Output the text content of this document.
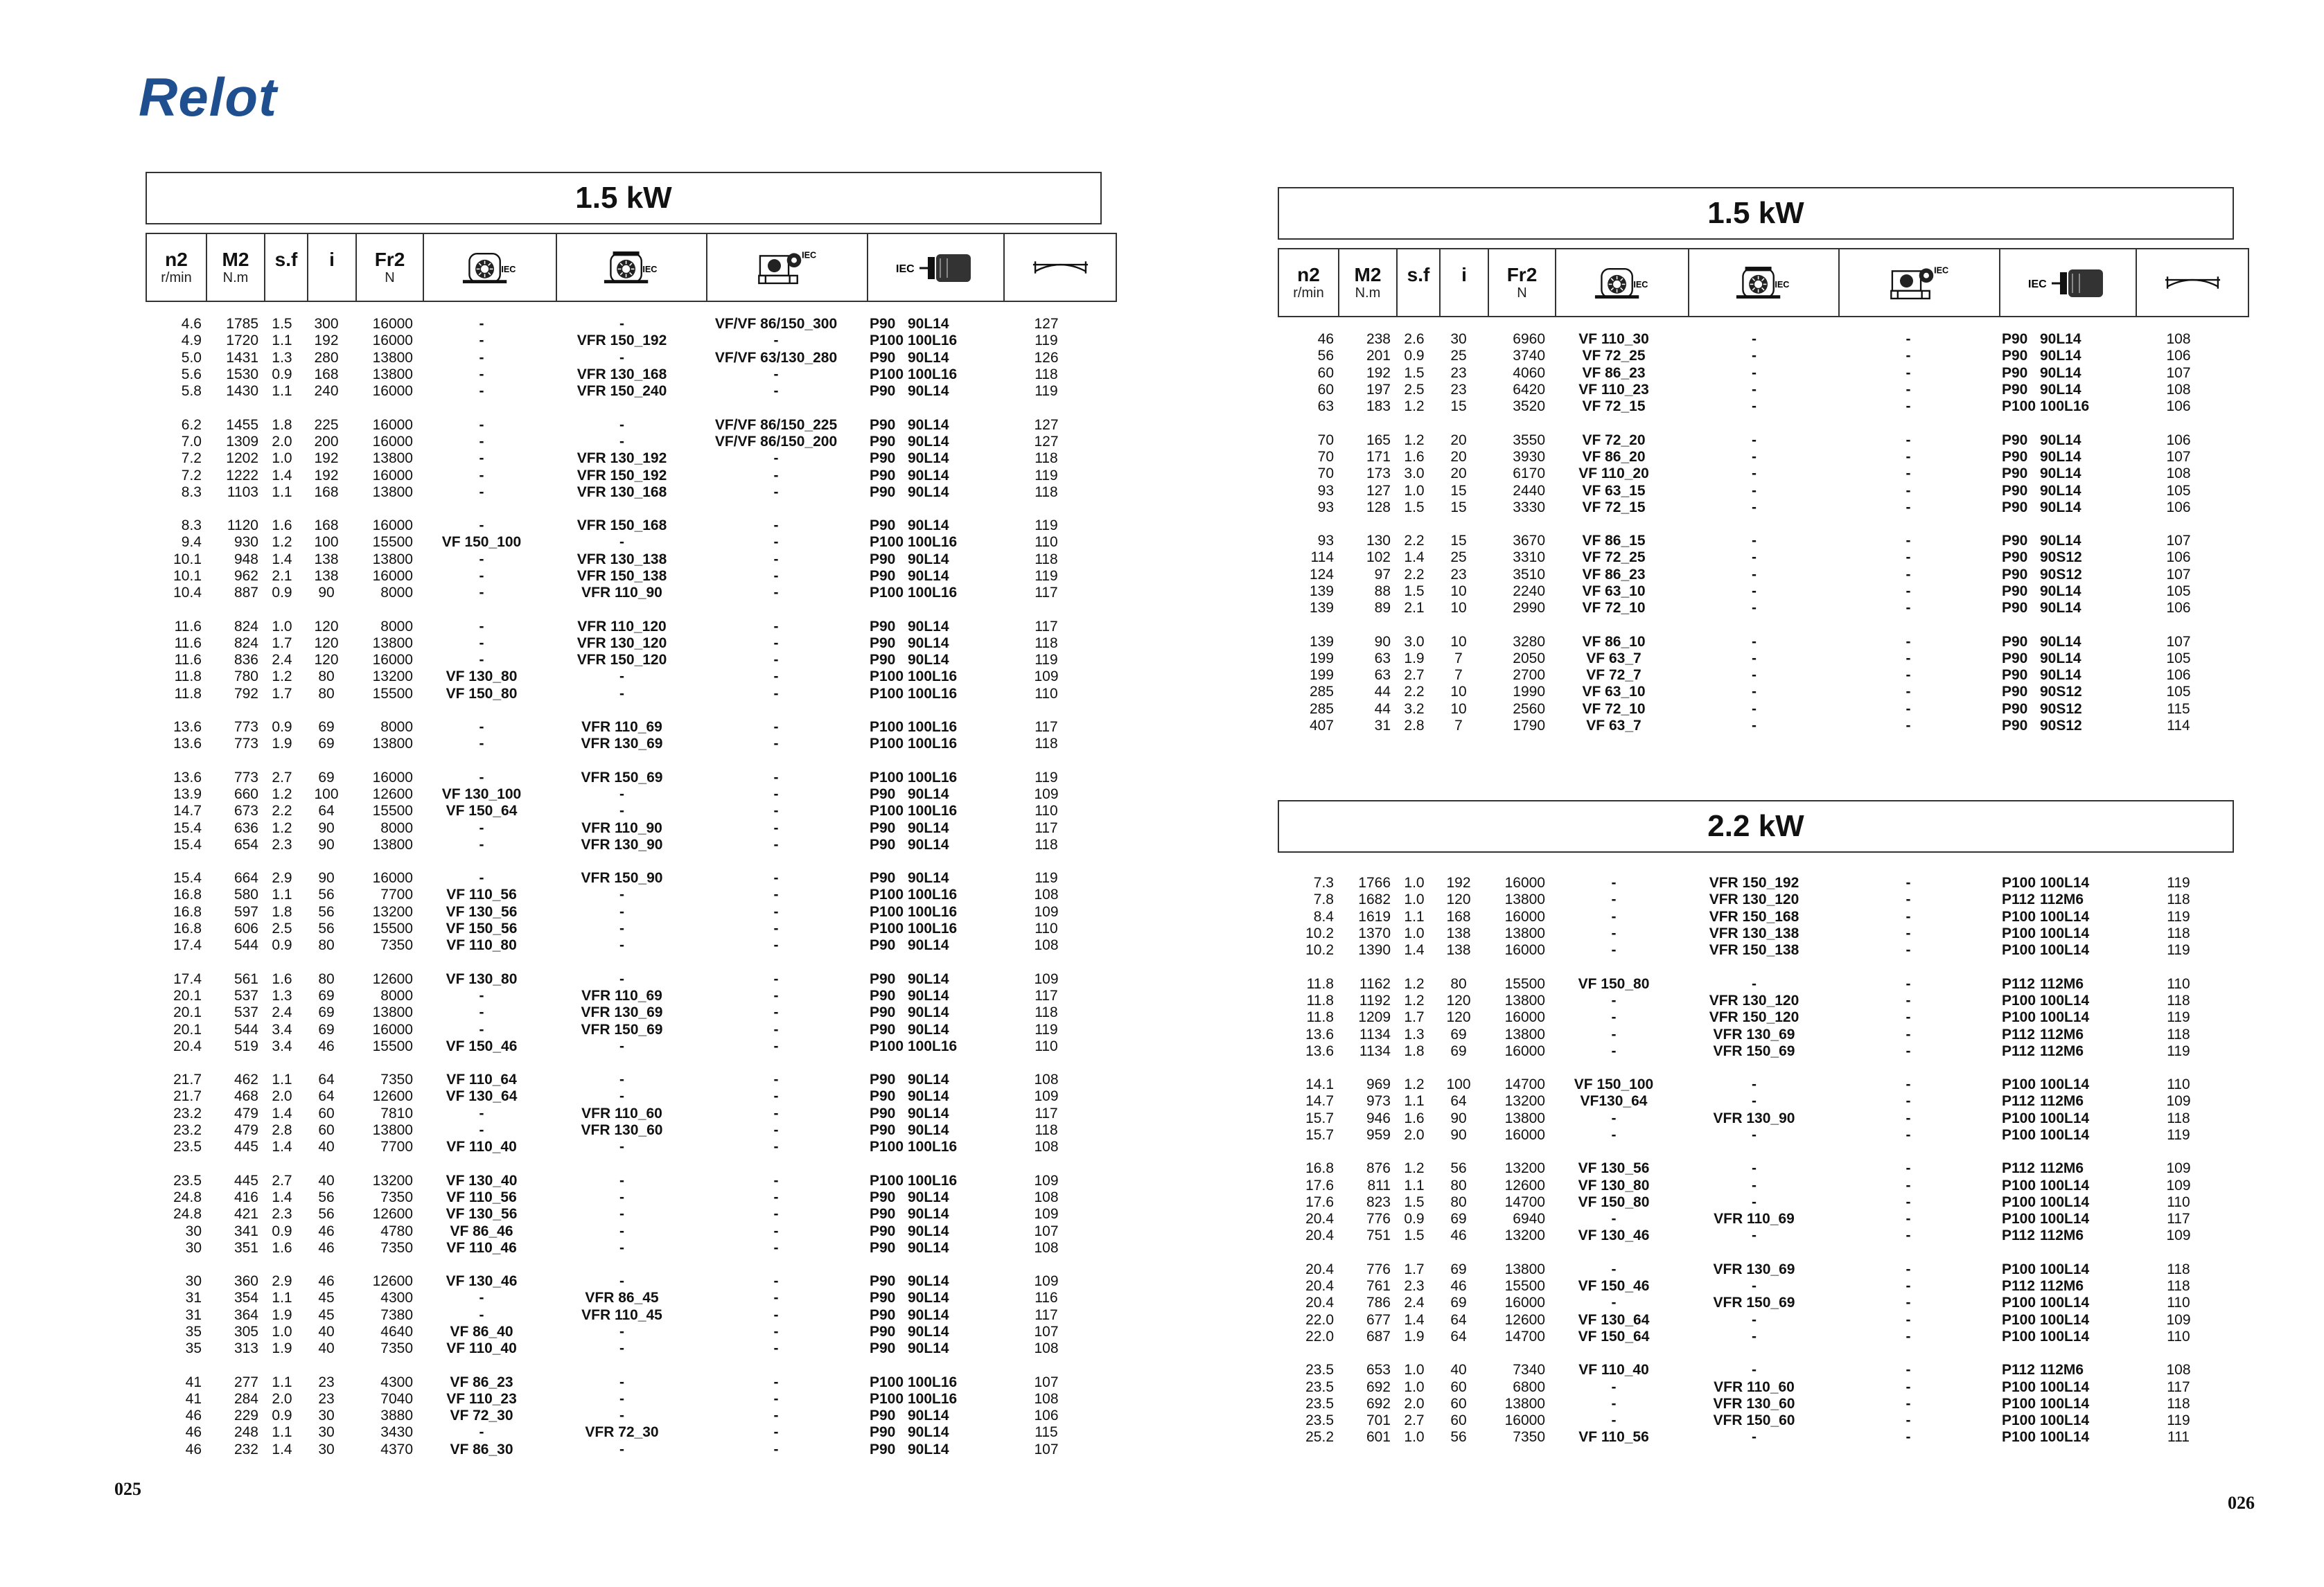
Relot
025
026
1.5 kW
n2
r/min

M2
N.m

s.f	i	Fr2
N

IEC	IEC

IEC

IEC

4.6	1785 1.5	300	16000	-	-	VF/VF 86/150_300	P90 90L14	127
4.9	1720 1.1	192	16000	-	VFR 150_192	-	P100 100L16	119
5.0	1431 1.3	280	13800	-	-	VF/VF 63/130_280	P90 90L14	126
5.6	1530 0.9	168	13800	-	VFR 130_168	-	P100 100L16	118
5.8	1430 1.1	240	16000	-	VFR 150_240	-	P90 90L14	119
6.2	1455 1.8	225	16000	-	-	VF/VF 86/150_225	P90 90L14	127
7.0	1309 2.0	200	16000	-	-	VF/VF 86/150_200	P90 90L14	127
7.2	1202 1.0	192	13800	-	VFR 130_192	-	P90 90L14	118
7.2	1222 1.4	192	16000	-	VFR 150_192	-	P90 90L14	119
8.3	1103 1.1	168	13800	-	VFR 130_168	-	P90 90L14	118
8.3	1120 1.6	168	16000	-	VFR 150_168	-	P90 90L14	119
9.4	930 1.2	100	15500	VF 150_100	-	-	P100 100L16	110
10.1	948 1.4	138	13800	-	VFR 130_138	-	P90 90L14	118
10.1	962 2.1	138	16000	-	VFR 150_138	-	P90 90L14	119
10.4	887 0.9	90	8000	-	VFR 110_90	-	P100 100L16	117
11.6	824 1.0	120	8000	-	VFR 110_120	-	P90 90L14	117
11.6	824 1.7	120	13800	-	VFR 130_120	-	P90 90L14	118
11.6	836 2.4	120	16000	-	VFR 150_120	-	P90 90L14	119
11.8	780 1.2	80	13200	VF 130_80	-	-	P100 100L16	109
11.8	792 1.7	80	15500	VF 150_80	-	-	P100 100L16	110
13.6	773 0.9	69	8000	-	VFR 110_69	-	P100 100L16	117
13.6	773 1.9	69	13800	-	VFR 130_69	-	P100 100L16	118
13.6	773 2.7	69	16000	-	VFR 150_69	-	P100 100L16	119
13.9	660 1.2	100	12600	VF 130_100	-	-	P90 90L14	109
14.7	673 2.2	64	15500	VF 150_64	-	-	P100 100L16	110
15.4	636 1.2	90	8000	-	VFR 110_90	-	P90 90L14	117
15.4	654 2.3	90	13800	-	VFR 130_90	-	P90 90L14	118
15.4	664 2.9	90	16000	-	VFR 150_90	-	P90 90L14	119
16.8	580 1.1	56	7700	VF 110_56	-	-	P100 100L16	108
16.8	597 1.8	56	13200	VF 130_56	-	-	P100 100L16	109
16.8	606 2.5	56	15500	VF 150_56	-	-	P100 100L16	110
17.4	544 0.9	80	7350	VF 110_80	-	-	P90 90L14	108
17.4	561 1.6	80	12600	VF 130_80	-	-	P90 90L14	109
20.1	537 1.3	69	8000	-	VFR 110_69	-	P90 90L14	117
20.1	537 2.4	69	13800	-	VFR 130_69	-	P90 90L14	118
20.1	544 3.4	69	16000	-	VFR 150_69	-	P90 90L14	119
20.4	519 3.4	46	15500	VF 150_46	-	-	P100 100L16	110
21.7	462 1.1	64	7350	VF 110_64	-	-	P90 90L14	108
21.7	468 2.0	64	12600	VF 130_64	-	-	P90 90L14	109
23.2	479 1.4	60	7810	-	VFR 110_60	-	P90 90L14	117
23.2	479 2.8	60	13800	-	VFR 130_60	-	P90 90L14	118
23.5	445 1.4	40	7700	VF 110_40	-	-	P100 100L16	108
23.5	445 2.7	40	13200	VF 130_40	-	-	P100 100L16	109
24.8	416 1.4	56	7350	VF 110_56	-	-	P90 90L14	108
24.8	421 2.3	56	12600	VF 130_56	-	-	P90 90L14	109
30	341 0.9	46	4780	VF 86_46	-	-	P90 90L14	107
30	351 1.6	46	7350	VF 110_46	-	-	P90 90L14	108
30	360 2.9	46	12600	VF 130_46	-	-	P90 90L14	109
31	354 1.1	45	4300	-	VFR 86_45	-	P90 90L14	116
31	364 1.9	45	7380	-	VFR 110_45	-	P90 90L14	117
35	305 1.0	40	4640	VF 86_40	-	-	P90 90L14	107
35	313 1.9	40	7350	VF 110_40	-	-	P90 90L14	108
41	277 1.1	23	4300	VF 86_23	-	-	P100 100L16	107
41	284 2.0	23	7040	VF 110_23	-	-	P100 100L16	108
46	229 0.9	30	3880	VF 72_30	-	-	P90 90L14	106
46	248 1.1	30	3430	-	VFR 72_30	-	P90 90L14	115
46	232 1.4	30	4370	VF 86_30	-	-	P90 90L14	107
1.5 kW
n2
r/min

M2
N.m

s.f	i	Fr2
N

IEC	IEC

IEC

IEC

46	238 2.6	30	6960	VF 110_30	-	-	P90 90L14	108
56	201 0.9	25	3740	VF 72_25	-	-	P90 90L14	106
60	192 1.5	23	4060	VF 86_23	-	-	P90 90L14	107
60	197 2.5	23	6420	VF 110_23	-	-	P90 90L14	108
63	183 1.2	15	3520	VF 72_15	-	-	P100 100L16	106
70	165 1.2	20	3550	VF 72_20	-	-	P90 90L14	106
70	171 1.6	20	3930	VF 86_20	-	-	P90 90L14	107
70	173 3.0	20	6170	VF 110_20	-	-	P90 90L14	108
93	127 1.0	15	2440	VF 63_15	-	-	P90 90L14	105
93	128 1.5	15	3330	VF 72_15	-	-	P90 90L14	106
93	130 2.2	15	3670	VF 86_15	-	-	P90 90L14	107
114	102 1.4	25	3310	VF 72_25	-	-	P90 90S12	106
124	97 2.2	23	3510	VF 86_23	-	-	P90 90S12	107
139	88 1.5	10	2240	VF 63_10	-	-	P90 90L14	105
139	89 2.1	10	2990	VF 72_10	-	-	P90 90L14	106
139	90 3.0	10	3280	VF 86_10	-	-	P90 90L14	107
199	63 1.9	7	2050	VF 63_7	-	-	P90 90L14	105
199	63 2.7	7	2700	VF 72_7	-	-	P90 90L14	106
285	44 2.2	10	1990	VF 63_10	-	-	P90 90S12	105
285	44 3.2	10	2560	VF 72_10	-	-	P90 90S12	115
407	31 2.8	7	1790	VF 63_7	-	-	P90 90S12	114
2.2 kW
7.3	1766 1.0	192	16000	-	VFR 150_192	-	P100 100L14	119
7.8	1682 1.0	120	13800	-	VFR 130_120	-	P112 112M6	118
8.4	1619 1.1	168	16000	-	VFR 150_168	-	P100 100L14	119
10.2	1370 1.0	138	13800	-	VFR 130_138	-	P100 100L14	118
10.2	1390 1.4	138	16000	-	VFR 150_138	-	P100 100L14	119
11.8	1162 1.2	80	15500	VF 150_80	-	-	P112 112M6	110
11.8	1192 1.2	120	13800	-	VFR 130_120	-	P100 100L14	118
11.8	1209 1.7	120	16000	-	VFR 150_120	-	P100 100L14	119
13.6	1134 1.3	69	13800	-	VFR 130_69	-	P112 112M6	118
13.6	1134 1.8	69	16000	-	VFR 150_69	-	P112 112M6	119
14.1	969 1.2	100	14700	VF 150_100	-	-	P100 100L14	110
14.7	973 1.1	64	13200	VF130_64	-	-	P112 112M6	109
15.7	946 1.6	90	13800	-	VFR 130_90	-	P100 100L14	118
15.7	959 2.0	90	16000	-	-	-	P100 100L14	119
16.8	876 1.2	56	13200	VF 130_56	-	-	P112 112M6	109
17.6	811 1.1	80	12600	VF 130_80	-	-	P100 100L14	109
17.6	823 1.5	80	14700	VF 150_80	-	-	P100 100L14	110
20.4	776 0.9	69	6940	-	VFR 110_69	-	P100 100L14	117
20.4	751 1.5	46	13200	VF 130_46	-	-	P112 112M6	109
20.4	776 1.7	69	13800	-	VFR 130_69	-	P100 100L14	118
20.4	761 2.3	46	15500	VF 150_46	-	-	P112 112M6	118
20.4	786 2.4	69	16000	-	VFR 150_69	-	P100 100L14	110
22.0	677 1.4	64	12600	VF 130_64	-	-	P100 100L14	109
22.0	687 1.9	64	14700	VF 150_64	-	-	P100 100L14	110
23.5	653 1.0	40	7340	VF 110_40	-	-	P112 112M6	108
23.5	692 1.0	60	6800	-	VFR 110_60	-	P100 100L14	117
23.5	692 2.0	60	13800	-	VFR 130_60	-	P100 100L14	118
23.5	701 2.7	60	16000	-	VFR 150_60	-	P100 100L14	119
25.2	601 1.0	56	7350	VF 110_56	-	-	P100 100L14	111
